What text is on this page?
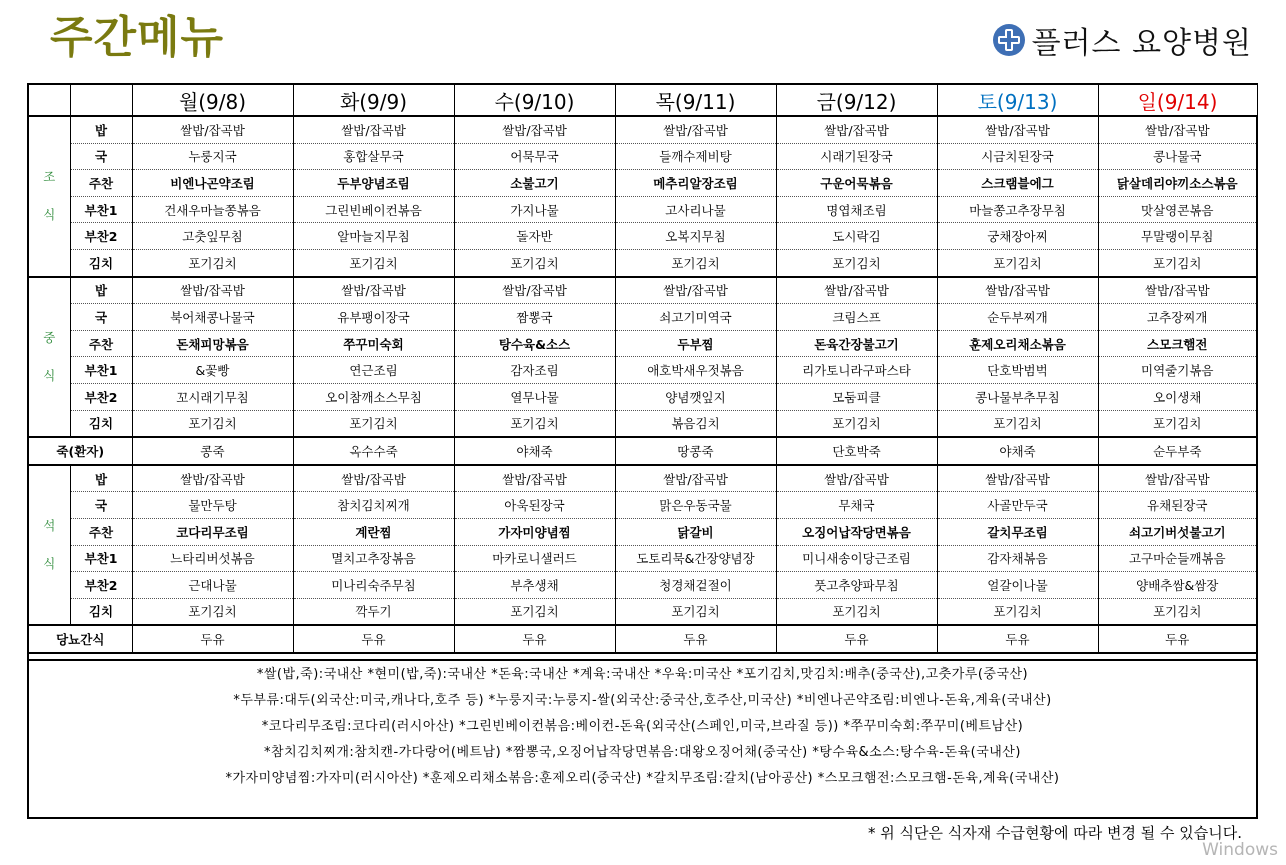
주간메뉴	플러스 요양병원
		월(9/8)	화(9/9)	수(9/10)	목(9/11)	금(9/12)	토(9/13)	일(9/14)

조
식	밥	쌀밥/잡곡밥	쌀밥/잡곡밥	쌀밥/잡곡밥	쌀밥/잡곡밥	쌀밥/잡곡밥	쌀밥/잡곡밥	쌀밥/잡곡밥
	국	누룽지국	홍합살무국	어묵무국	들깨수제비탕	시래기된장국	시금치된장국	콩나물국
	주찬	비엔나곤약조림	두부양념조림	소불고기	메추리알장조림	구운어묵볶음	스크램블에그	닭살데리야끼소스볶음
	부찬1	건새우마늘쫑볶음	그린빈베이컨볶음	가지나물	고사리나물	명엽채조림	마늘쫑고추장무침	맛살영콘볶음
	부찬2	고춧잎무침	알마늘지무침	돌자반	오복지무침	도시락김	궁채장아찌	무말랭이무침
	김치	포기김치	포기김치	포기김치	포기김치	포기김치	포기김치	포기김치

중
식	밥	쌀밥/잡곡밥	쌀밥/잡곡밥	쌀밥/잡곡밥	쌀밥/잡곡밥	쌀밥/잡곡밥	쌀밥/잡곡밥	쌀밥/잡곡밥
	국	북어채콩나물국	유부팽이장국	짬뽕국	쇠고기미역국	크림스프	순두부찌개	고추장찌개
	주찬	돈채피망볶음	쭈꾸미숙회	탕수육&소스	두부찜	돈육간장불고기	훈제오리채소볶음	스모크햄전
	부찬1	&꽃빵	연근조림	감자조림	애호박새우젓볶음	리가토니라구파스타	단호박범벅	미역줄기볶음
	부찬2	꼬시래기무침	오이참깨소스무침	열무나물	양념깻잎지	모둠피클	콩나물부추무침	오이생채
	김치	포기김치	포기김치	포기김치	볶음김치	포기김치	포기김치	포기김치
죽(환자)		콩죽	옥수수죽	야채죽	땅콩죽	단호박죽	야채죽	순두부죽

석
식	밥	쌀밥/잡곡밥	쌀밥/잡곡밥	쌀밥/잡곡밥	쌀밥/잡곡밥	쌀밥/잡곡밥	쌀밥/잡곡밥	쌀밥/잡곡밥
	국	물만두탕	참치김치찌개	아욱된장국	맑은우동국물	무채국	사골만두국	유채된장국
	주찬	코다리무조림	계란찜	가자미양념찜	닭갈비	오징어납작당면볶음	갈치무조림	쇠고기버섯불고기
	부찬1	느타리버섯볶음	멸치고추장볶음	마카로니샐러드	도토리묵&간장양념장	미니새송이당근조림	감자채볶음	고구마순들깨볶음
	부찬2	근대나물	미나리숙주무침	부추생채	청경채겉절이	풋고추양파무침	얼갈이나물	양배추쌈&쌈장
	김치	포기김치	깍두기	포기김치	포기김치	포기김치	포기김치	포기김치
당뇨간식		두유	두유	두유	두유	두유	두유	두유
*쌀(밥,죽):국내산 *현미(밥,죽):국내산 *돈육:국내산 *계육:국내산 *우육:미국산 *포기김치,맛김치:배추(중국산),고춧가루(중국산)
*두부류:대두(외국산:미국,캐나다,호주 등) *누룽지국:누룽지-쌀(외국산:중국산,호주산,미국산) *비엔나곤약조림:비엔나-돈육,계육(국내산)
*코다리무조림:코다리(러시아산) *그린빈베이컨볶음:베이컨-돈육(외국산(스페인,미국,브라질 등)) *쭈꾸미숙회:쭈꾸미(베트남산)
*참치김치찌개:참치캔-가다랑어(베트남) *짬뽕국,오징어납작당면볶음:대왕오징어채(중국산) *탕수육&소스:탕수육-돈육(국내산)
*가자미양념찜:가자미(러시아산) *훈제오리채소볶음:훈제오리(중국산) *갈치무조림:갈치(남아공산) *스모크햄전:스모크햄-돈육,계육(국내산)
* 위 식단은 식자재 수급현황에 따라 변경 될 수 있습니다.
Windows
